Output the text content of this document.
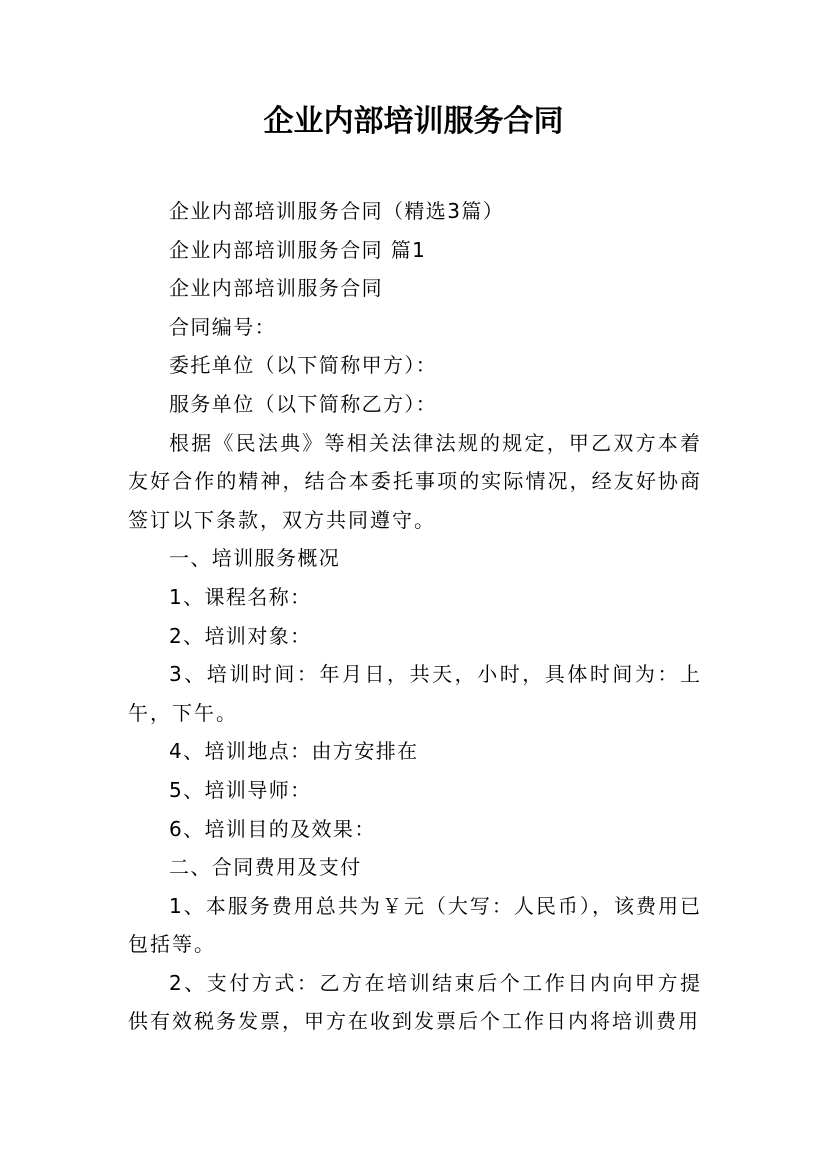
企业内部培训服务合同

企业内部培训服务合同（精选3篇）

企业内部培训服务合同 篇1

企业内部培训服务合同

合同编号：

委托单位（以下简称甲方）：

服务单位（以下简称乙方）：

根据《民法典》等相关法律法规的规定，甲乙双方本着友好合作的精神，结合本委托事项的实际情况，经友好协商签订以下条款，双方共同遵守。

一、培训服务概况

1、课程名称：

2、培训对象：

3、培训时间：年月日，共天，小时，具体时间为：上午，下午。

4、培训地点：由方安排在

5、培训导师：

6、培训目的及效果：

二、合同费用及支付

1、本服务费用总共为￥元（大写：人民币），该费用已包括等。

2、支付方式：乙方在培训结束后个工作日内向甲方提供有效税务发票，甲方在收到发票后个工作日内将培训费用
